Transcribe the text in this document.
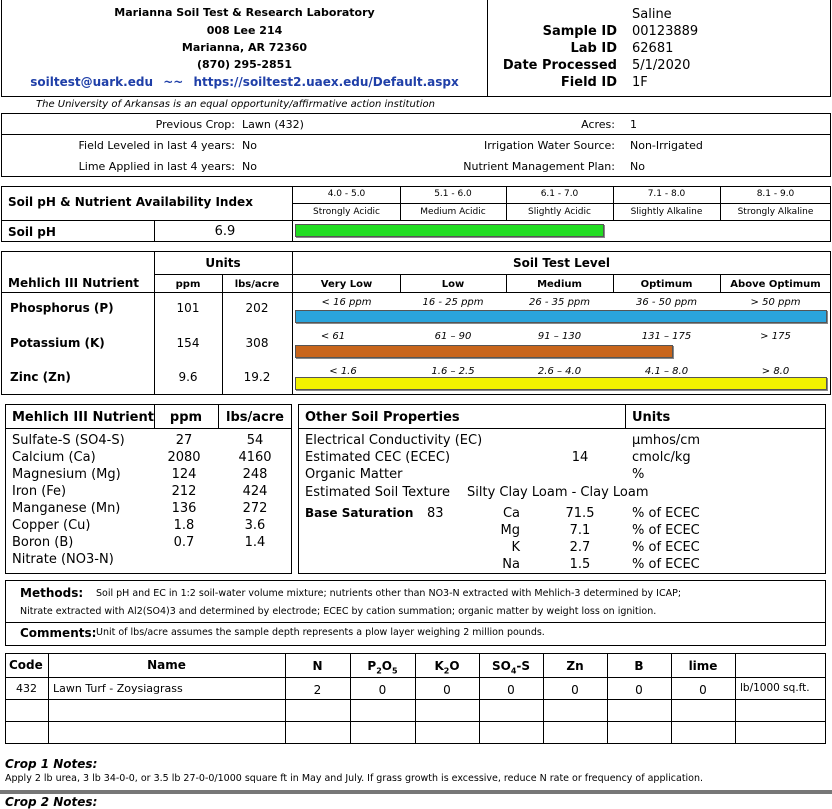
Marianna Soil Test & Research Laboratory
008 Lee 214
Marianna, AR 72360
(870) 295-2851
soiltest@uark.edu ~~ https://soiltest2.uaex.edu/Default.aspx
Saline
Sample ID 00123889
Lab ID 62681
Date Processed 5/1/2020
Field ID 1F
The University of Arkansas is an equal opportunity/affirmative action institution
Previous Crop: Lawn (432)	Acres: 1
Field Leveled in last 4 years: No	Irrigation Water Source: Non-Irrigated
Lime Applied in last 4 years: No	Nutrient Management Plan: No
Soil pH & Nutrient Availability Index
Soil pH	6.9
4.0 - 5.0	5.1 - 6.0	6.1 - 7.0	7.1 - 8.0	8.1 - 9.0
Strongly Acidic	Medium Acidic	Slightly Acidic	Slightly Alkaline	Strongly Alkaline
Units	Soil Test Level
Mehlich III Nutrient	ppm	lbs/acre	Very Low	Low	Medium	Optimum	Above Optimum
Phosphorus (P)	101	202	< 16 ppm	16 - 25 ppm	26 - 35 ppm	36 - 50 ppm	> 50 ppm
Potassium (K)	154	308	< 61	61 – 90	91 – 130	131 – 175	> 175
Zinc (Zn)	9.6	19.2	< 1.6	1.6 – 2.5	2.6 – 4.0	4.1 – 8.0	> 8.0
Mehlich III Nutrient	ppm	lbs/acre
Sulfate-S (SO4-S)	27	54
Calcium (Ca)	2080	4160
Magnesium (Mg)	124	248
Iron (Fe)	212	424
Manganese (Mn)	136	272
Copper (Cu)	1.8	3.6
Boron (B)	0.7	1.4
Nitrate (NO3-N)
Other Soil Properties	Units
Electrical Conductivity (EC)	µmhos/cm
Estimated CEC (ECEC)	14	cmolc/kg
Organic Matter	%
Estimated Soil Texture Silty Clay Loam - Clay Loam
Base Saturation 83	Ca	71.5	% of ECEC
Mg	7.1	% of ECEC
K	2.7	% of ECEC
Na	1.5	% of ECEC
Methods: Soil pH and EC in 1:2 soil-water volume mixture; nutrients other than NO3-N extracted with Mehlich-3 determined by ICAP;
Nitrate extracted with Al2(SO4)3 and determined by electrode; ECEC by cation summation; organic matter by weight loss on ignition.
Comments: Unit of lbs/acre assumes the sample depth represents a plow layer weighing 2 million pounds.
Code	Name	N	$P_2O_5$	$K_2O$	$SO_4-S$	Zn	B	lime
432	Lawn Turf - Zoysiagrass	2	0	0	0	0	0	0	lb/1000 sq.ft.
Crop 1 Notes:
Apply 2 lb urea, 3 lb 34-0-0, or 3.5 lb 27-0-0/1000 square ft in May and July. If grass growth is excessive, reduce N rate or frequency of application.
Crop 2 Notes:
